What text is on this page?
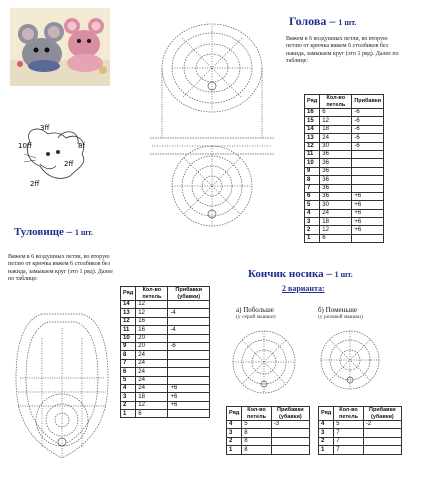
3ff
10ff
2ff
8f
2ff
Голова – 1 шт.
Вяжем в 6 воздушных петли, во вторую петлю от крючка вяжем 6 столбиков без накида, замыкаем круг (это 1 ряд). Далее по таблице:
Ряд	Кол-во петель	Прибавки
16	6	-6
15	12	-6
14	18	-6
13	24	-6
12	30	-6
11	36	
10	36	
9	36	
8	36	
7	36	
6	36	+6
5	30	+6
4	24	+6
3	18	+6
2	12	+6
1	6	
Туловище – 1 шт.
Вяжем в 6 воздушных петли, во вторую петлю от крючка вяжем 6 столбиков без накида, замыкаем круг (это 1 ряд). Далее по таблице:
Ряд	Кол-во петель	Прибавки (убавки)
14	12	
13	12	-4
12	16	
11	16	-4
10	20	
9	20	-6
8	24	
7	24	
6	24	
5	24	
4	24	+6
3	18	+6
2	12	+6
1	6	
Кончик носика – 1 шт.
2 варианта:
а) Побольше
(у серой мышки)
б) Поменьше
(у розовой мышки)
Ряд	Кол-во петель	Прибавки (убавки)
4	5	-3
3	8	
2	8	
1	8	
Ряд	Кол-во петель	Прибавки (убавки)
4	5	-2
3	7	
2	7	
1	7	
